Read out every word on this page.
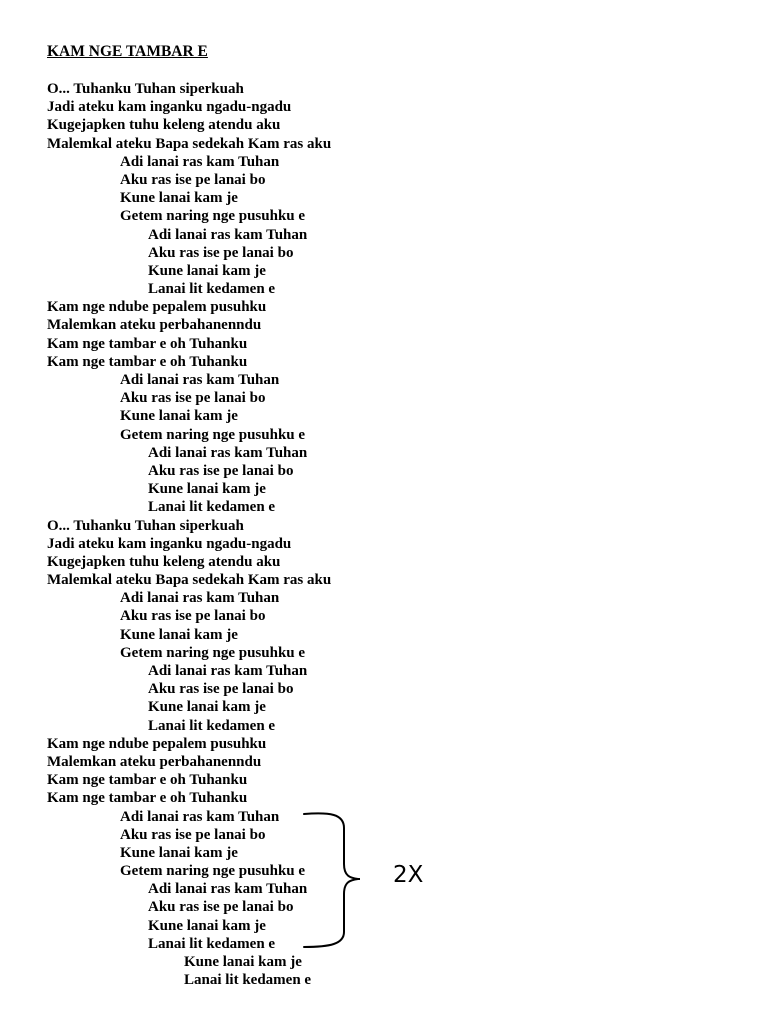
KAM NGE TAMBAR E
O... Tuhanku Tuhan siperkuah
Jadi ateku kam inganku ngadu-ngadu
Kugejapken tuhu keleng atendu aku
Malemkal ateku Bapa sedekah Kam ras aku
Adi lanai ras kam Tuhan
Aku ras ise pe lanai bo
Kune lanai kam je
Getem naring nge pusuhku e
Adi lanai ras kam Tuhan
Aku ras ise pe lanai bo
Kune lanai kam je
Lanai lit kedamen e
Kam nge ndube pepalem pusuhku
Malemkan ateku perbahanenndu
Kam nge tambar e oh Tuhanku
Kam nge tambar e oh Tuhanku
Adi lanai ras kam Tuhan
Aku ras ise pe lanai bo
Kune lanai kam je
Getem naring nge pusuhku e
Adi lanai ras kam Tuhan
Aku ras ise pe lanai bo
Kune lanai kam je
Lanai lit kedamen e
O... Tuhanku Tuhan siperkuah
Jadi ateku kam inganku ngadu-ngadu
Kugejapken tuhu keleng atendu aku
Malemkal ateku Bapa sedekah Kam ras aku
Adi lanai ras kam Tuhan
Aku ras ise pe lanai bo
Kune lanai kam je
Getem naring nge pusuhku e
Adi lanai ras kam Tuhan
Aku ras ise pe lanai bo
Kune lanai kam je
Lanai lit kedamen e
Kam nge ndube pepalem pusuhku
Malemkan ateku perbahanenndu
Kam nge tambar e oh Tuhanku
Kam nge tambar e oh Tuhanku
Adi lanai ras kam Tuhan
Aku ras ise pe lanai bo
Kune lanai kam je
Getem naring nge pusuhku e
Adi lanai ras kam Tuhan
Aku ras ise pe lanai bo
Kune lanai kam je
Lanai lit kedamen e
Kune lanai kam je
Lanai lit kedamen e
2X
